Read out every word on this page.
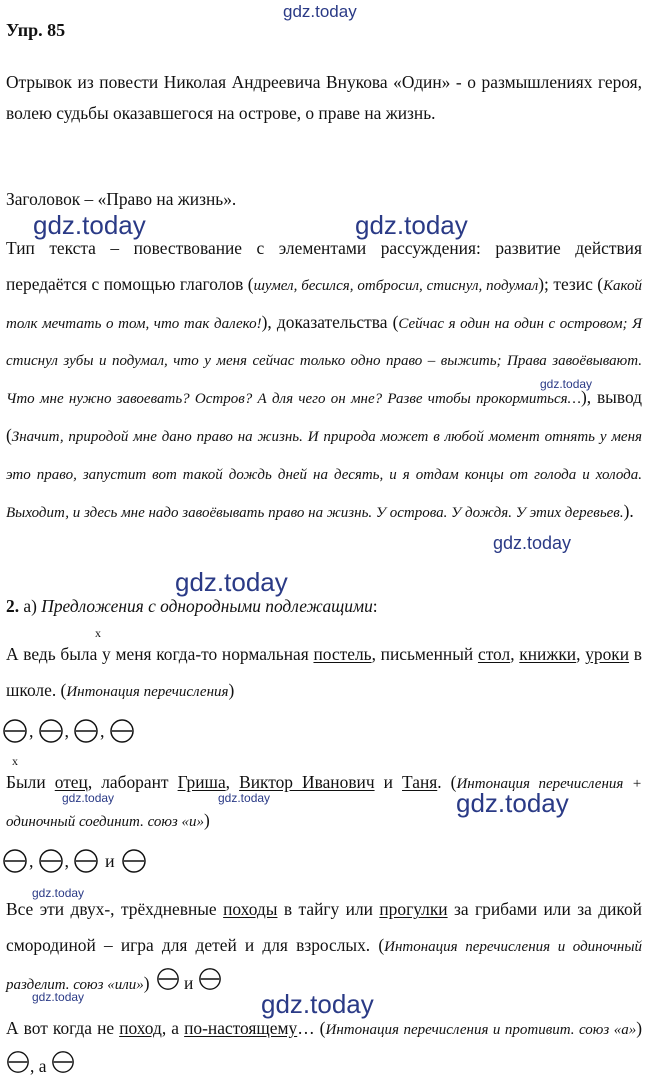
gdz.today
gdz.today	gdz.today
gdz.today
gdz.today
gdz.today
gdz.today	gdz.today	gdz.today
gdz.today
gdz.today	gdz.today
Упр. 85
Отрывок из повести Николая Андреевича Внукова «Один» - о размышлениях героя, волею судьбы оказавшегося на острове, о праве на жизнь.
Заголовок – «Право на жизнь».
Тип текста – повествование с элементами рассуждения: развитие действия передаётся с помощью глаголов (шумел, бесился, отбросил, стиснул, подумал); тезис (Какой толк мечтать о том, что так далеко!), доказательства (Сейчас я один на один с островом; Я стиснул зубы и подумал, что у меня сейчас только одно право – выжить; Права завоёвывают. Что мне нужно завоевать? Остров? А для чего он мне? Разве чтобы прокормиться…), вывод (Значит, природой мне дано право на жизнь. И природа может в любой момент отнять у меня это право, запустит вот такой дождь дней на десять, и я отдам концы от голода и холода. Выходит, и здесь мне надо завоёвывать право на жизнь. У острова. У дождя. У этих деревьев.).
2. а) Предложения с однородными подлежащими:
x
А ведь была у меня когда-то нормальная постель, письменный стол, книжки, уроки в школе. (Интонация перечисления)
, , ,
x
Были отец, лаборант Гриша, Виктор Иванович и Таня. (Интонация перечисления + одиночный соединит. союз «и»)
, , и
Все эти двух-, трёхдневные походы в тайгу или прогулки за грибами или за дикой смородиной – игра для детей и для взрослых. (Интонация перечисления и одиночный разделит. союз «или») и
А вот когда не поход, а по-настоящему… (Интонация перечисления и противит. союз «а») , а
